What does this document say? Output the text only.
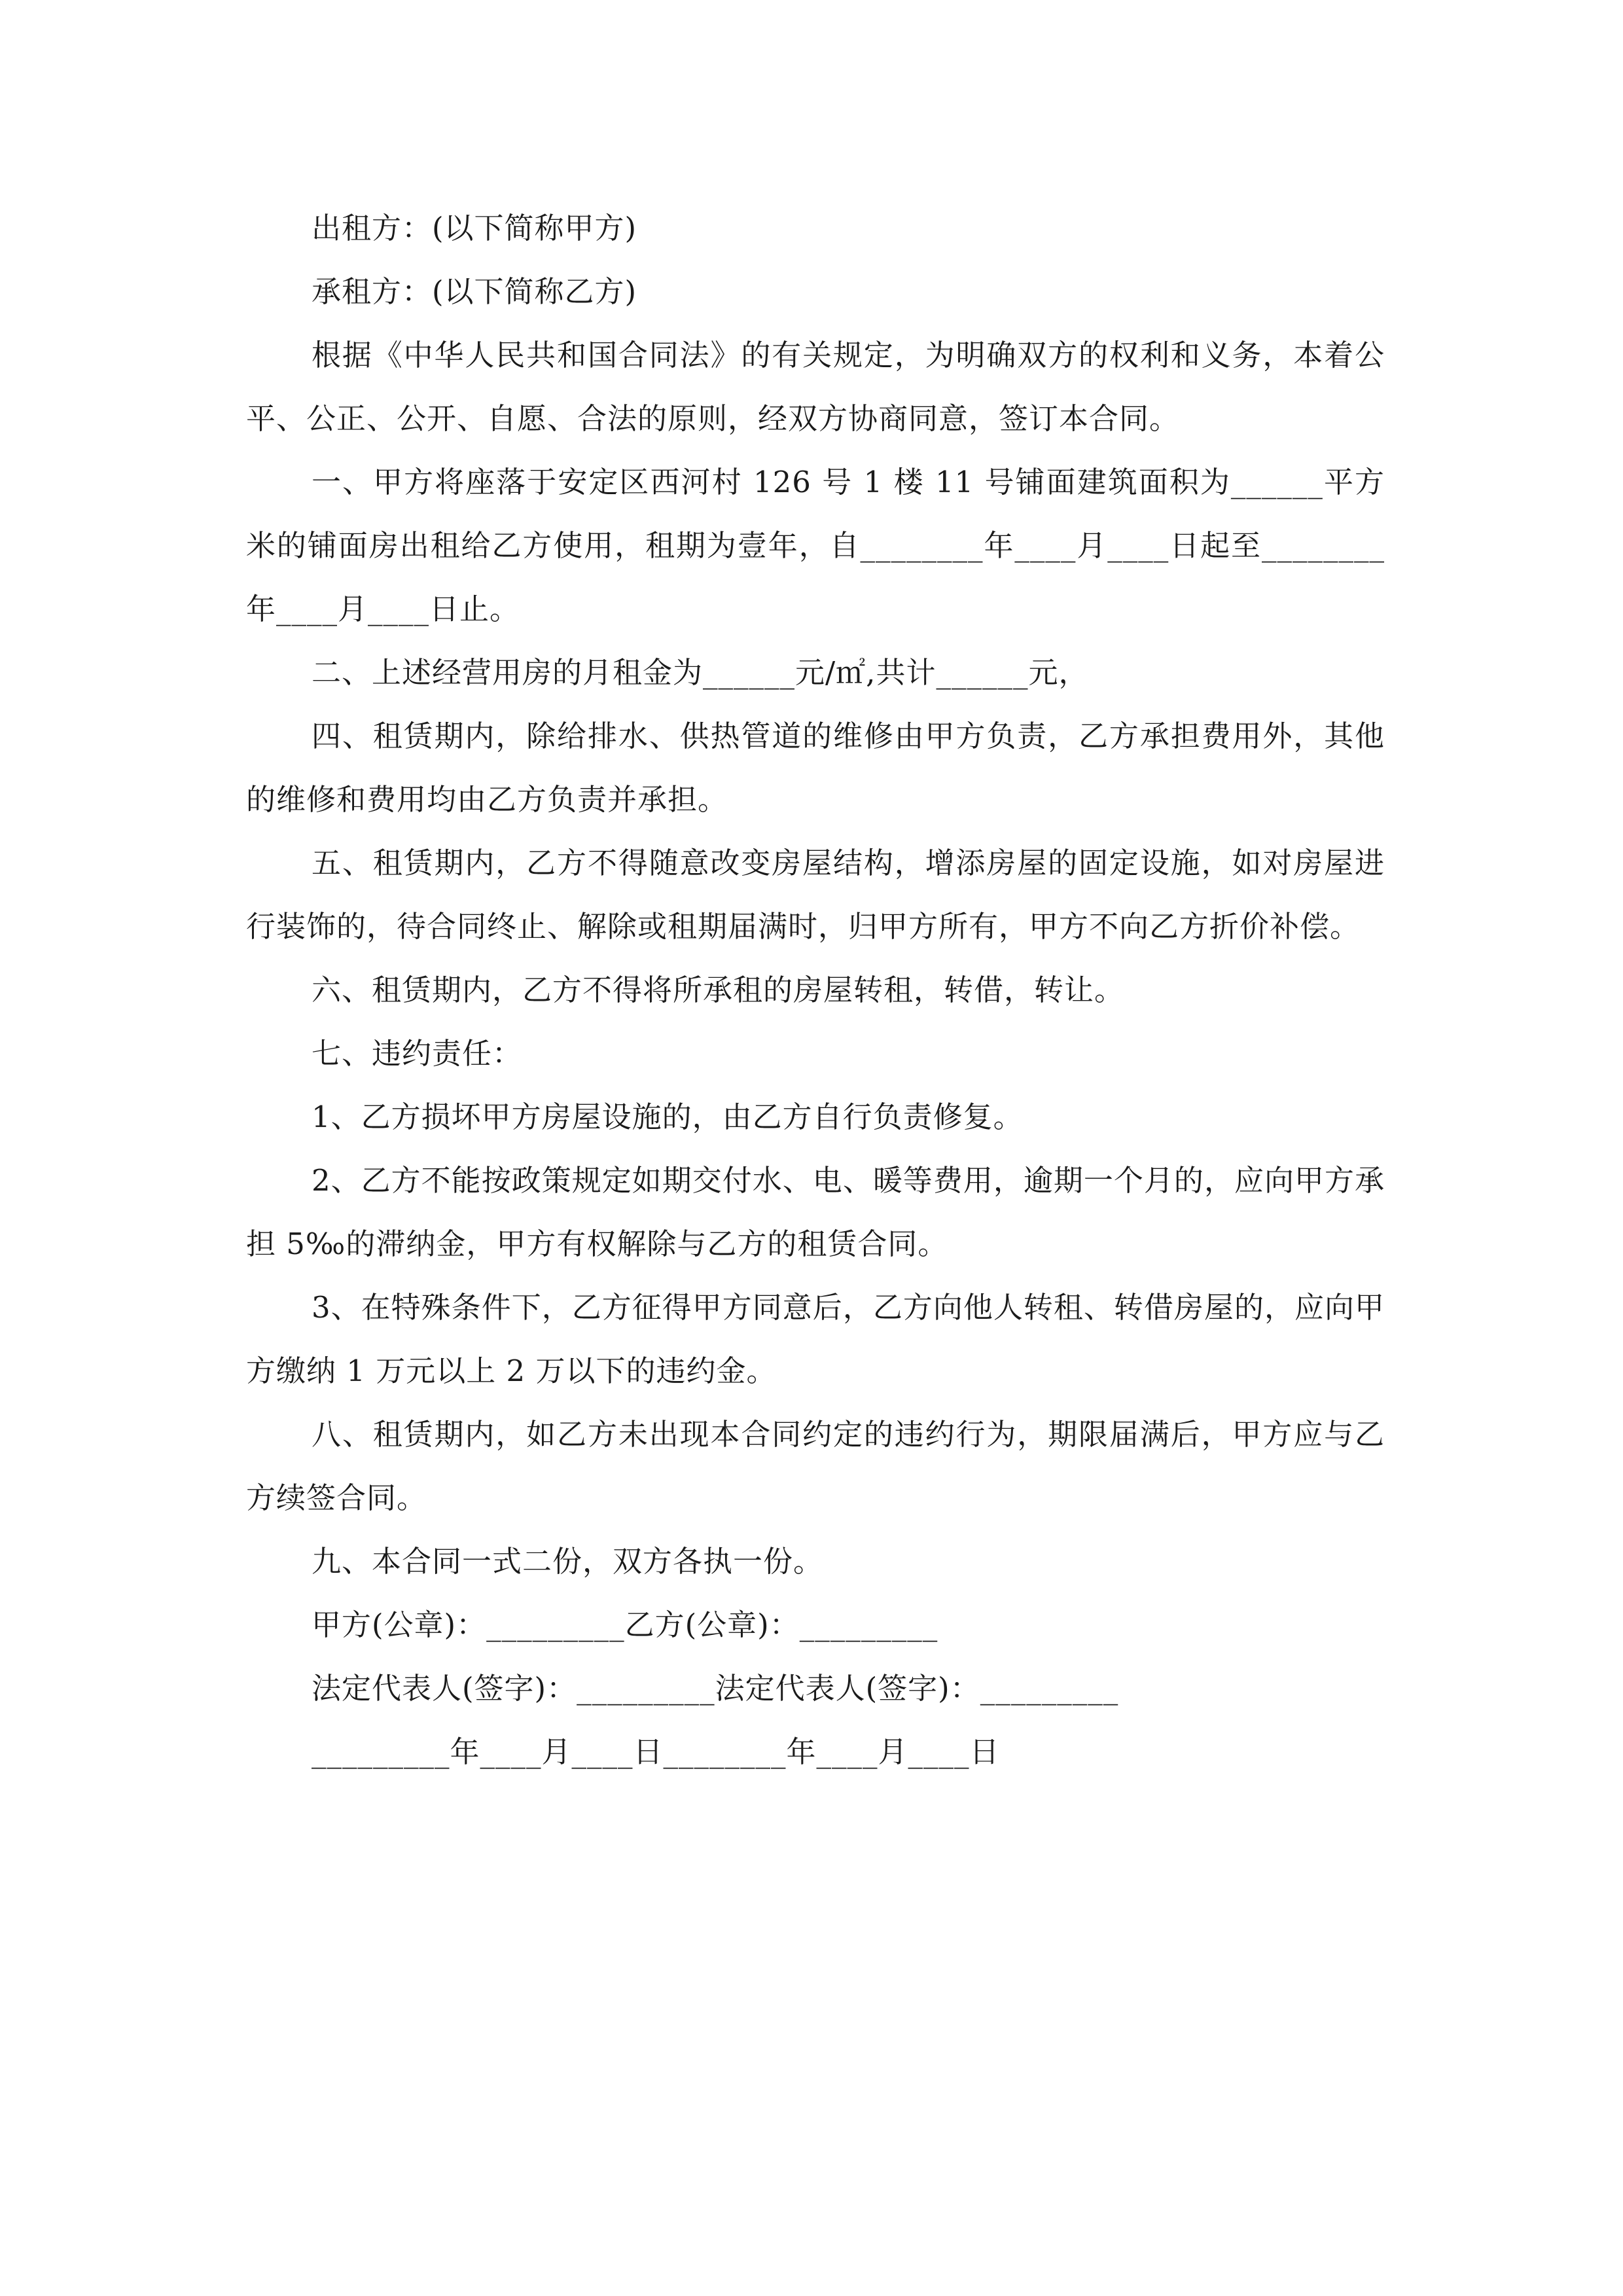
出租方：(以下简称甲方)

承租方：(以下简称乙方)

根据《中华人民共和国合同法》的有关规定，为明确双方的权利和义务，本着公平、公正、公开、自愿、合法的原则，经双方协商同意，签订本合同。

一、甲方将座落于安定区西河村 126 号 1 楼 11 号铺面建筑面积为______平方米的铺面房出租给乙方使用，租期为壹年，自________年____月____日起至________年____月____日止。

二、上述经营用房的月租金为______元/㎡,共计______元，

四、租赁期内，除给排水、供热管道的维修由甲方负责，乙方承担费用外，其他的维修和费用均由乙方负责并承担。

五、租赁期内，乙方不得随意改变房屋结构，增添房屋的固定设施，如对房屋进行装饰的，待合同终止、解除或租期届满时，归甲方所有，甲方不向乙方折价补偿。

六、租赁期内，乙方不得将所承租的房屋转租，转借，转让。

七、违约责任：

1、乙方损坏甲方房屋设施的，由乙方自行负责修复。

2、乙方不能按政策规定如期交付水、电、暖等费用，逾期一个月的，应向甲方承担 5‰的滞纳金，甲方有权解除与乙方的租赁合同。

3、在特殊条件下，乙方征得甲方同意后，乙方向他人转租、转借房屋的，应向甲方缴纳 1 万元以上 2 万以下的违约金。

八、租赁期内，如乙方未出现本合同约定的违约行为，期限届满后，甲方应与乙方续签合同。

九、本合同一式二份，双方各执一份。

甲方(公章)：_________乙方(公章)：_________

法定代表人(签字)：_________法定代表人(签字)：_________

_________年____月____日________年____月____日
